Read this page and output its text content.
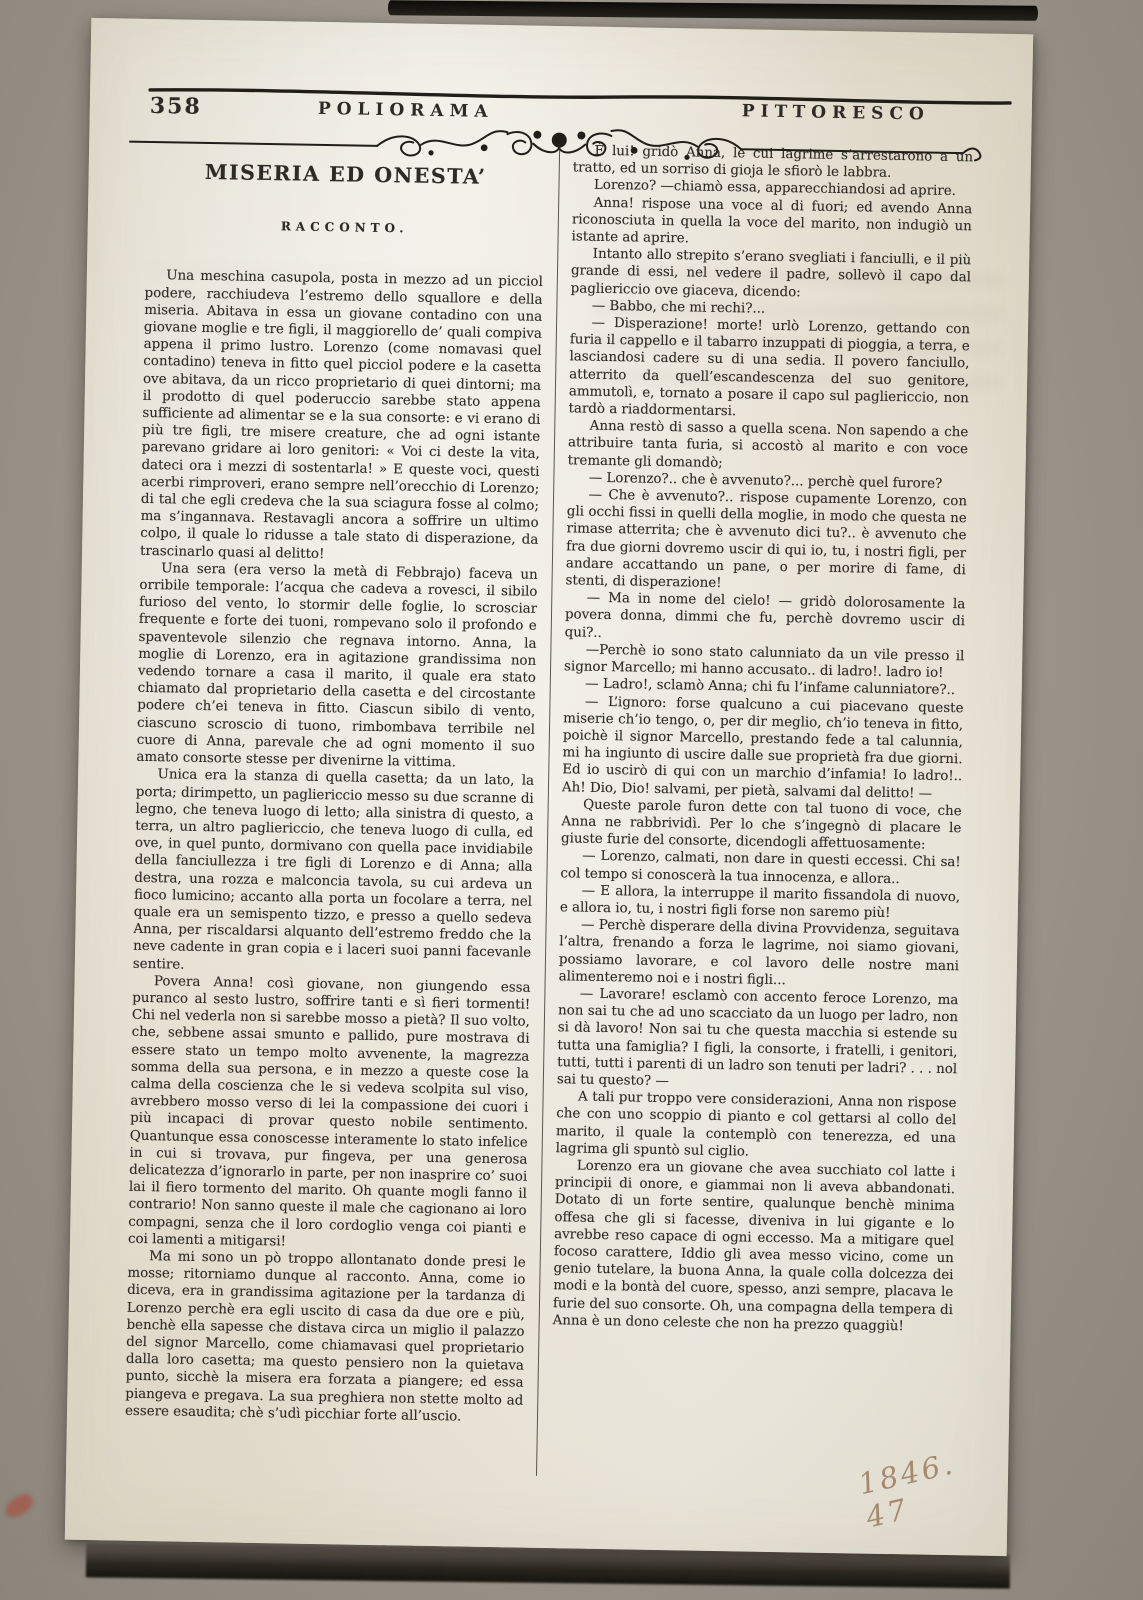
358	POLIORAMA	PITTORESCO
MISERIA ED ONESTA’
RACCONTO.

Una meschina casupola, posta in mezzo ad un picciol podere, racchiudeva l’estremo dello squallore e della miseria. Abitava in essa un giovane contadino con una giovane moglie e tre figli, il maggiorello de’ quali compiva appena il primo lustro. Lorenzo (come nomavasi quel contadino) teneva in fitto quel picciol podere e la casetta ove abitava, da un ricco proprietario di quei dintorni; ma il prodotto di quel poderuccio sarebbe stato appena sufficiente ad alimentar se e la sua consorte: e vi erano di più tre figli, tre misere creature, che ad ogni istante parevano gridare ai loro genitori: « Voi ci deste la vita, dateci ora i mezzi di sostentarla! » E queste voci, questi acerbi rimproveri, erano sempre nell’orecchio di Lorenzo; di tal che egli credeva che la sua sciagura fosse al colmo; ma s’ingannava. Restavagli ancora a soffrire un ultimo colpo, il quale lo ridusse a tale stato di disperazione, da trascinarlo quasi al delitto!

Una sera (era verso la metà di Febbrajo) faceva un orribile temporale: l’acqua che cadeva a rovesci, il sibilo furioso del vento, lo stormir delle foglie, lo scrosciar frequente e forte dei tuoni, rompevano solo il profondo e spaventevole silenzio che regnava intorno. Anna, la moglie di Lorenzo, era in agitazione grandissima non vedendo tornare a casa il marito, il quale era stato chiamato dal proprietario della casetta e del circostante podere ch’ei teneva in fitto. Ciascun sibilo di vento, ciascuno scroscio di tuono, rimbombava terribile nel cuore di Anna, parevale che ad ogni momento il suo amato consorte stesse per divenirne la vittima.

Unica era la stanza di quella casetta; da un lato, la porta; dirimpetto, un pagliericcio messo su due scranne di legno, che teneva luogo di letto; alla sinistra di questo, a terra, un altro pagliericcio, che teneva luogo di culla, ed ove, in quel punto, dormivano con quella pace invidiabile della fanciullezza i tre figli di Lorenzo e di Anna; alla destra, una rozza e malconcia tavola, su cui ardeva un fioco lumicino; accanto alla porta un focolare a terra, nel quale era un semispento tizzo, e presso a quello sedeva Anna, per riscaldarsi alquanto dell’estremo freddo che la neve cadente in gran copia e i laceri suoi panni facevanle sentire.

Povera Anna! così giovane, non giungendo essa puranco al sesto lustro, soffrire tanti e sì fieri tormenti! Chi nel vederla non si sarebbe mosso a pietà? Il suo volto, che, sebbene assai smunto e pallido, pure mostrava di essere stato un tempo molto avvenente, la magrezza somma della sua persona, e in mezzo a queste cose la calma della coscienza che le si vedeva scolpita sul viso, avrebbero mosso verso di lei la compassione dei cuori i più incapaci di provar questo nobile sentimento. Quantunque essa conoscesse interamente lo stato infelice in cui si trovava, pur fingeva, per una generosa delicatezza d’ignorarlo in parte, per non inasprire co’ suoi lai il fiero tormento del marito. Oh quante mogli fanno il contrario! Non sanno queste il male che cagionano ai loro compagni, senza che il loro cordoglio venga coi pianti e coi lamenti a mitigarsi!

Ma mi sono un pò troppo allontanato donde presi le mosse; ritorniamo dunque al racconto. Anna, come io diceva, era in grandissima agitazione per la tardanza di Lorenzo perchè era egli uscito di casa da due ore e più, benchè ella sapesse che distava circa un miglio il palazzo del signor Marcello, come chiamavasi quel proprietario dalla loro casetta; ma questo pensiero non la quietava punto, sicchè la misera era forzata a piangere; ed essa piangeva e pregava. La sua preghiera non stette molto ad essere esaudita; chè s’udì picchiar forte all’uscio.

È lui! gridò Anna, le cui lagrime s’arrestarono a un tratto, ed un sorriso di gioja le sfiorò le labbra.

Lorenzo? —chiamò essa, apparecchiandosi ad aprire.

Anna! rispose una voce al di fuori; ed avendo Anna riconosciuta in quella la voce del marito, non indugiò un istante ad aprire.

Intanto allo strepito s’erano svegliati i fanciulli, e il più grande di essi, nel vedere il padre, sollevò il capo dal pagliericcio ove giaceva, dicendo:

— Babbo, che mi rechi?...

— Disperazione! morte! urlò Lorenzo, gettando con furia il cappello e il tabarro inzuppati di pioggia, a terra, e lasciandosi cadere su di una sedia. Il povero fanciullo, atterrito da quell’escandescenza del suo genitore, ammutolì, e, tornato a posare il capo sul pagliericcio, non tardò a riaddormentarsi.

Anna restò di sasso a quella scena. Non sapendo a che attribuire tanta furia, si accostò al marito e con voce tremante gli domandò;

— Lorenzo?.. che è avvenuto?... perchè quel furore?

— Che è avvenuto?.. rispose cupamente Lorenzo, con gli occhi fissi in quelli della moglie, in modo che questa ne rimase atterrita; che è avvenuto dici tu?.. è avvenuto che fra due giorni dovremo uscir di qui io, tu, i nostri figli, per andare accattando un pane, o per morire di fame, di stenti, di disperazione!

— Ma in nome del cielo! — gridò dolorosamente la povera donna, dimmi che fu, perchè dovremo uscir di qui?..

—Perchè io sono stato calunniato da un vile presso il signor Marcello; mi hanno accusato.. di ladro!. ladro io!

— Ladro!, sclamò Anna; chi fu l’infame calunniatore?..

— L’ignoro: forse qualcuno a cui piacevano queste miserie ch’io tengo, o, per dir meglio, ch’io teneva in fitto, poichè il signor Marcello, prestando fede a tal calunnia, mi ha ingiunto di uscire dalle sue proprietà fra due giorni. Ed io uscirò di qui con un marchio d’infamia! Io ladro!.. Ah! Dio, Dio! salvami, per pietà, salvami dal delitto! —

Queste parole furon dette con tal tuono di voce, che Anna ne rabbrividì. Per lo che s’ingegnò di placare le giuste furie del consorte, dicendogli affettuosamente:

— Lorenzo, calmati, non dare in questi eccessi. Chi sa! col tempo si conoscerà la tua innocenza, e allora..

— E allora, la interruppe il marito fissandola di nuovo, e allora io, tu, i nostri figli forse non saremo più!

— Perchè disperare della divina Provvidenza, seguitava l’altra, frenando a forza le lagrime, noi siamo giovani, possiamo lavorare, e col lavoro delle nostre mani alimenteremo noi e i nostri figli...

— Lavorare! esclamò con accento feroce Lorenzo, ma non sai tu che ad uno scacciato da un luogo per ladro, non si dà lavoro! Non sai tu che questa macchia si estende su tutta una famiglia? I figli, la consorte, i fratelli, i genitori, tutti, tutti i parenti di un ladro son tenuti per ladri? . . . nol sai tu questo? —

A tali pur troppo vere considerazioni, Anna non rispose che con uno scoppio di pianto e col gettarsi al collo del marito, il quale la contemplò con tenerezza, ed una lagrima gli spuntò sul ciglio.

Lorenzo era un giovane che avea succhiato col latte i principii di onore, e giammai non li aveva abbandonati. Dotato di un forte sentire, qualunque benchè minima offesa che gli si facesse, diveniva in lui gigante e lo avrebbe reso capace di ogni eccesso. Ma a mitigare quel focoso carattere, Iddio gli avea messo vicino, come un genio tutelare, la buona Anna, la quale colla dolcezza dei modi e la bontà del cuore, spesso, anzi sempre, placava le furie del suo consorte. Oh, una compagna della tempera di Anna è un dono celeste che non ha prezzo quaggiù!

1846. 47
